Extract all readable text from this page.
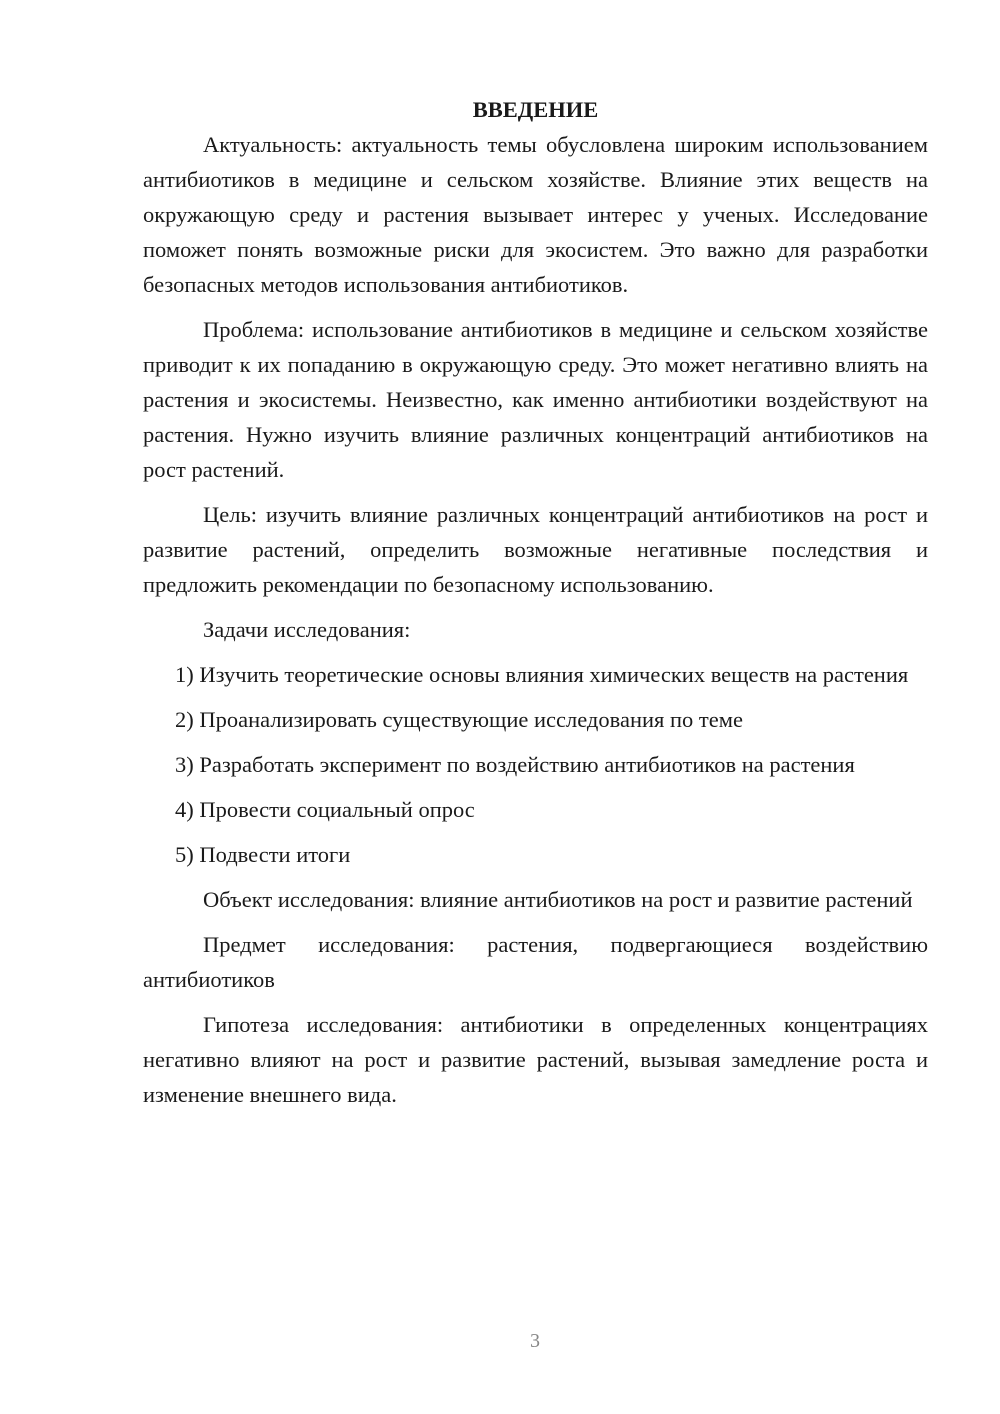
ВВЕДЕНИЕ

Актуальность: актуальность темы обусловлена широким использованием антибиотиков в медицине и сельском хозяйстве. Влияние этих веществ на окружающую среду и растения вызывает интерес у ученых. Исследование поможет понять возможные риски для экосистем. Это важно для разработки безопасных методов использования антибиотиков.

Проблема: использование антибиотиков в медицине и сельском хозяйстве приводит к их попаданию в окружающую среду. Это может негативно влиять на растения и экосистемы. Неизвестно, как именно антибиотики воздействуют на растения. Нужно изучить влияние различных концентраций антибиотиков на рост растений.

Цель: изучить влияние различных концентраций антибиотиков на рост и развитие растений, определить возможные негативные последствия и предложить рекомендации по безопасному использованию.

Задачи исследования:

1) Изучить теоретические основы влияния химических веществ на растения

2) Проанализировать существующие исследования по теме

3) Разработать эксперимент по воздействию антибиотиков на растения

4) Провести социальный опрос

5) Подвести итоги

Объект исследования: влияние антибиотиков на рост и развитие растений

Предмет исследования: растения, подвергающиеся воздействию антибиотиков

Гипотеза исследования: антибиотики в определенных концентрациях негативно влияют на рост и развитие растений, вызывая замедление роста и изменение внешнего вида.

3
